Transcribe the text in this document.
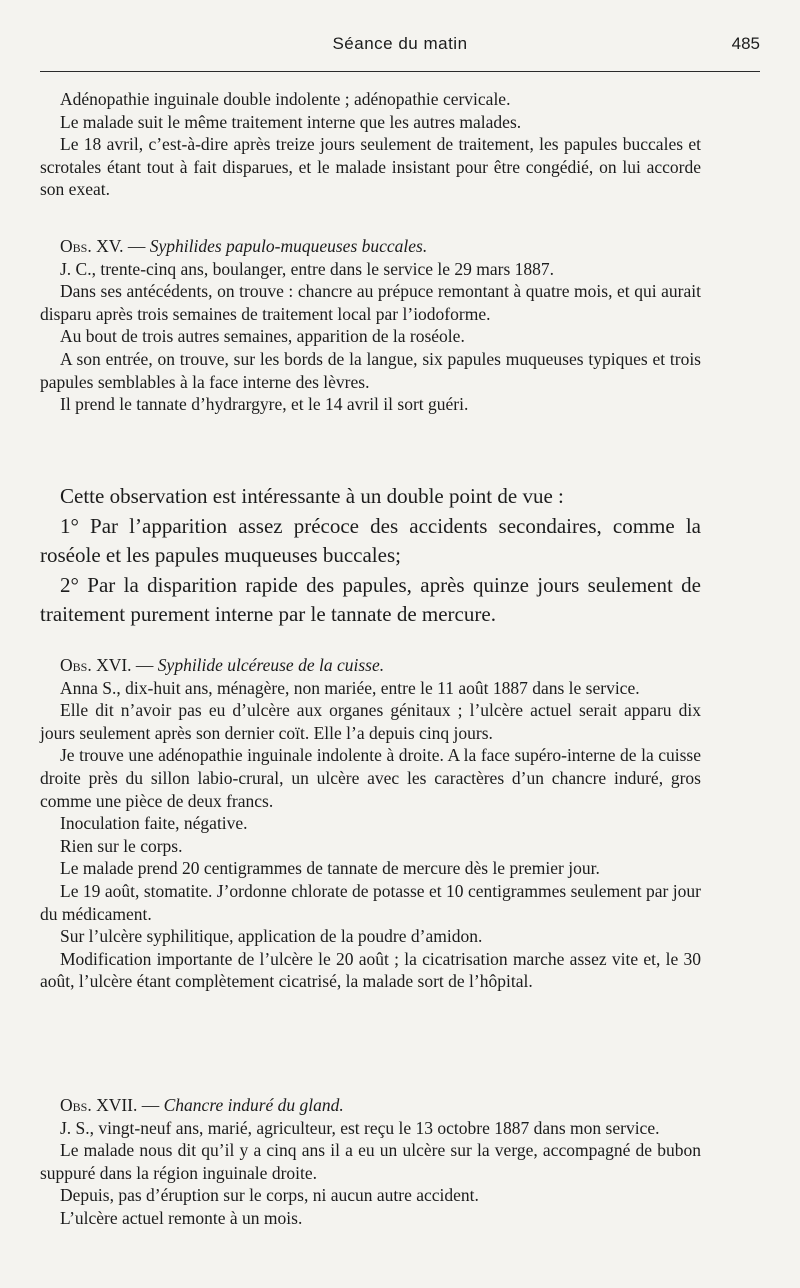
Séance du matin	485

Adénopathie inguinale double indolente ; adénopathie cervicale.

Le malade suit le même traitement interne que les autres malades.

Le 18 avril, c’est-à-dire après treize jours seulement de traitement, les papules buccales et scrotales étant tout à fait disparues, et le malade insistant pour être congédié, on lui accorde son exeat.

Obs. XV. — Syphilides papulo-muqueuses buccales.

J. C., trente-cinq ans, boulanger, entre dans le service le 29 mars 1887.

Dans ses antécédents, on trouve : chancre au prépuce remontant à quatre mois, et qui aurait disparu après trois semaines de traitement local par l’iodoforme.

Au bout de trois autres semaines, apparition de la roséole.

A son entrée, on trouve, sur les bords de la langue, six papules muqueuses typiques et trois papules semblables à la face interne des lèvres.

Il prend le tannate d’hydrargyre, et le 14 avril il sort guéri.

Cette observation est intéressante à un double point de vue :

1° Par l’apparition assez précoce des accidents secondaires, comme la roséole et les papules muqueuses buccales;

2° Par la disparition rapide des papules, après quinze jours seulement de traitement purement interne par le tannate de mercure.

Obs. XVI. — Syphilide ulcéreuse de la cuisse.

Anna S., dix-huit ans, ménagère, non mariée, entre le 11 août 1887 dans le service.

Elle dit n’avoir pas eu d’ulcère aux organes génitaux ; l’ulcère actuel serait apparu dix jours seulement après son dernier coït. Elle l’a depuis cinq jours.

Je trouve une adénopathie inguinale indolente à droite. A la face supéro-interne de la cuisse droite près du sillon labio-crural, un ulcère avec les caractères d’un chancre induré, gros comme une pièce de deux francs.

Inoculation faite, négative.

Rien sur le corps.

Le malade prend 20 centigrammes de tannate de mercure dès le premier jour.

Le 19 août, stomatite. J’ordonne chlorate de potasse et 10 centigrammes seulement par jour du médicament.

Sur l’ulcère syphilitique, application de la poudre d’amidon.

Modification importante de l’ulcère le 20 août ; la cicatrisation marche assez vite et, le 30 août, l’ulcère étant complètement cicatrisé, la malade sort de l’hôpital.

Obs. XVII. — Chancre induré du gland.

J. S., vingt-neuf ans, marié, agriculteur, est reçu le 13 octobre 1887 dans mon service.

Le malade nous dit qu’il y a cinq ans il a eu un ulcère sur la verge, accompagné de bubon suppuré dans la région inguinale droite.

Depuis, pas d’éruption sur le corps, ni aucun autre accident.

L’ulcère actuel remonte à un mois.
